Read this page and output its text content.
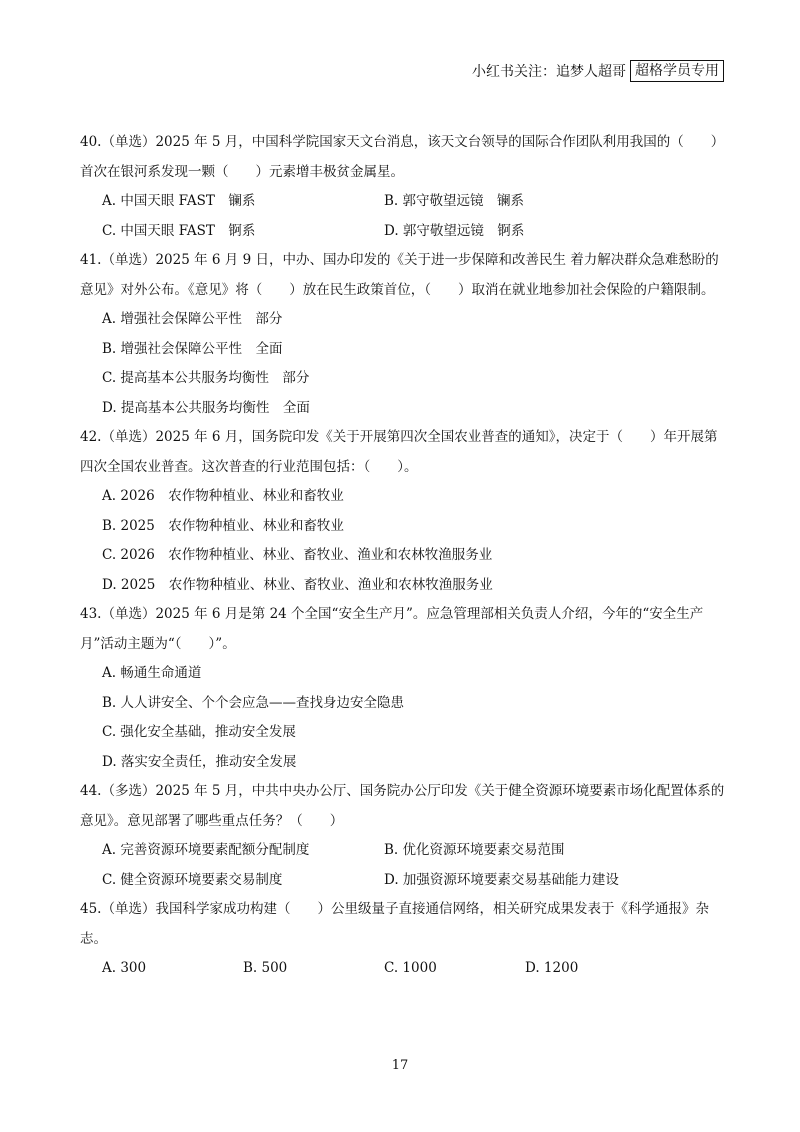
小红书关注：追梦人超哥 超格学员专用
40.（单选）2025 年 5 月，中国科学院国家天文台消息，该天文台领导的国际合作团队利用我国的（　　）
首次在银河系发现一颗（　　）元素增丰极贫金属星。
A. 中国天眼 FAST　镧系	B. 郭守敬望远镜　镧系
C. 中国天眼 FAST　锕系	D. 郭守敬望远镜　锕系
41.（单选）2025 年 6 月 9 日，中办、国办印发的《关于进一步保障和改善民生 着力解决群众急难愁盼的
意见》对外公布。《意见》将（　　）放在民生政策首位，（　　）取消在就业地参加社会保险的户籍限制。
A. 增强社会保障公平性　部分
B. 增强社会保障公平性　全面
C. 提高基本公共服务均衡性　部分
D. 提高基本公共服务均衡性　全面
42.（单选）2025 年 6 月，国务院印发《关于开展第四次全国农业普查的通知》，决定于（　　）年开展第
四次全国农业普查。这次普查的行业范围包括：（　　）。
A. 2026　农作物种植业、林业和畜牧业
B. 2025　农作物种植业、林业和畜牧业
C. 2026　农作物种植业、林业、畜牧业、渔业和农林牧渔服务业
D. 2025　农作物种植业、林业、畜牧业、渔业和农林牧渔服务业
43.（单选）2025 年 6 月是第 24 个全国“安全生产月”。应急管理部相关负责人介绍，今年的“安全生产
月”活动主题为“（　　）”。
A. 畅通生命通道
B. 人人讲安全、个个会应急——查找身边安全隐患
C. 强化安全基础，推动安全发展
D. 落实安全责任，推动安全发展
44.（多选）2025 年 5 月，中共中央办公厅、国务院办公厅印发《关于健全资源环境要素市场化配置体系的
意见》。意见部署了哪些重点任务？（　　）
A. 完善资源环境要素配额分配制度	B. 优化资源环境要素交易范围
C. 健全资源环境要素交易制度	D. 加强资源环境要素交易基础能力建设
45.（单选）我国科学家成功构建（　　）公里级量子直接通信网络，相关研究成果发表于《科学通报》杂
志。
A. 300	B. 500	C. 1000	D. 1200
17
